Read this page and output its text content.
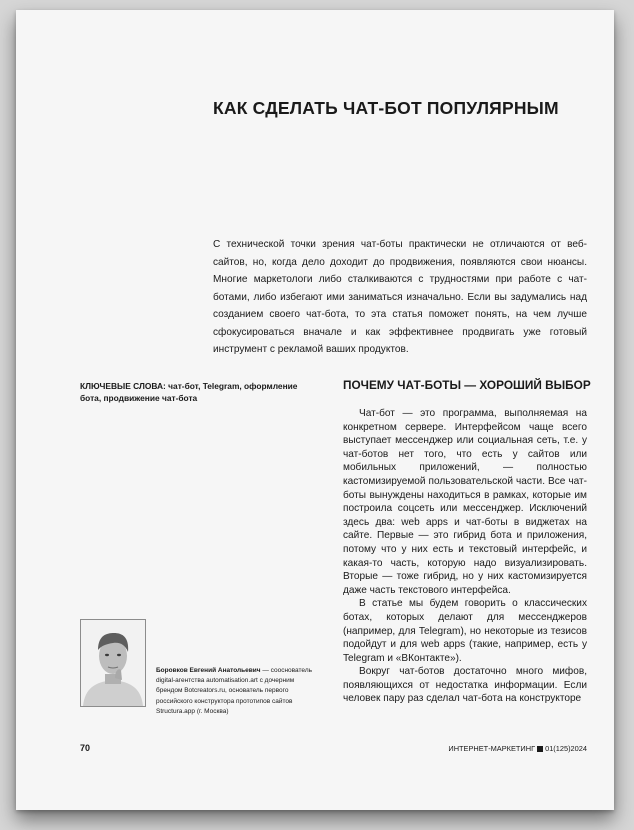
КАК СДЕЛАТЬ ЧАТ-БОТ ПОПУЛЯРНЫМ
С технической точки зрения чат-боты практически не отличаются от веб-сайтов, но, когда дело доходит до продвижения, появляются свои нюансы. Многие маркетологи либо сталкиваются с трудностями при работе с чат-ботами, либо избегают ими заниматься изначально. Если вы задумались над созданием своего чат-бота, то эта статья поможет понять, на чем лучше сфокусироваться вначале и как эффективнее продвигать уже готовый инструмент с рекламой ваших продуктов.
КЛЮЧЕВЫЕ СЛОВА: чат-бот, Telegram, оформление бота, продвижение чат-бота
ПОЧЕМУ ЧАТ-БОТЫ — ХОРОШИЙ ВЫБОР

Чат-бот — это программа, выполняемая на конкретном сервере. Интерфейсом чаще всего выступает мессенджер или социальная сеть, т.е. у чат-ботов нет того, что есть у сайтов или мобильных приложений, — полностью кастомизируемой пользовательской части. Все чат-боты вынуждены находиться в рамках, которые им построила соцсеть или мессенджер. Исключений здесь два: web apps и чат-боты в виджетах на сайте. Первые — это гибрид бота и приложения, потому что у них есть и текстовый интерфейс, и какая-то часть, которую надо визуализировать. Вторые — тоже гибрид, но у них кастомизируется даже часть текстового интерфейса.

В статье мы будем говорить о классических ботах, которых делают для мессенджеров (например, для Telegram), но некоторые из тезисов подойдут и для web apps (такие, например, есть у Telegram и «ВКонтакте»).

Вокруг чат-ботов достаточно много мифов, появляющихся от недостатка информации. Если человек пару раз сделал чат-бота на конструкторе

Боровков Евгений Анатольевич — сооснователь digital-агентства automatisation.art с дочерним брендом Botcreators.ru, основатель первого российского конструктора прототипов сайтов Structura.app (г. Москва)
70	ИНТЕРНЕТ-МАРКЕТИНГ 01(125)2024
